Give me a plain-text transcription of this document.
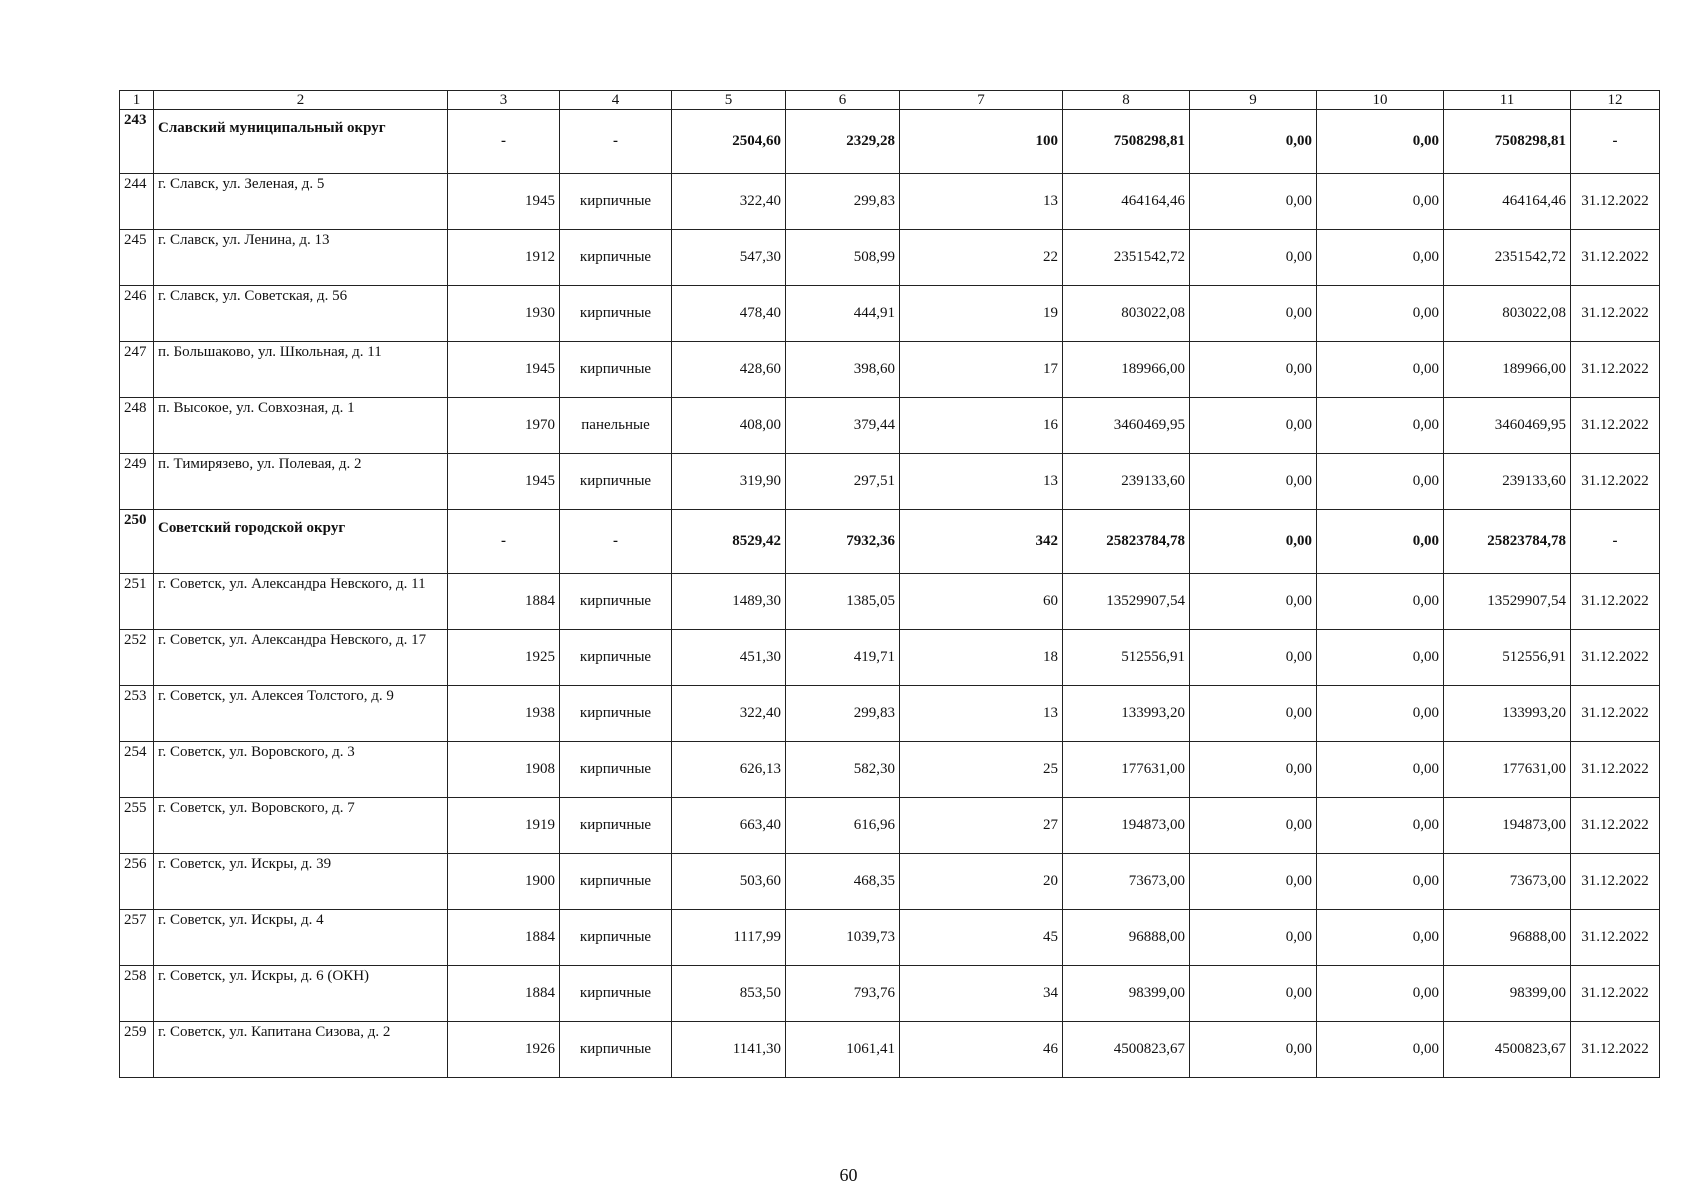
1	2	3	4	5	6	7	8	9	10	11	12
243	Славский муниципальный округ	-	-	2504,60	2329,28	100	7508298,81	0,00	0,00	7508298,81	-
244	г. Славск, ул. Зеленая, д. 5	1945	кирпичные	322,40	299,83	13	464164,46	0,00	0,00	464164,46	31.12.2022
245	г. Славск, ул. Ленина, д. 13	1912	кирпичные	547,30	508,99	22	2351542,72	0,00	0,00	2351542,72	31.12.2022
246	г. Славск, ул. Советская, д. 56	1930	кирпичные	478,40	444,91	19	803022,08	0,00	0,00	803022,08	31.12.2022
247	п. Большаково, ул. Школьная, д. 11	1945	кирпичные	428,60	398,60	17	189966,00	0,00	0,00	189966,00	31.12.2022
248	п. Высокое, ул. Совхозная, д. 1	1970	панельные	408,00	379,44	16	3460469,95	0,00	0,00	3460469,95	31.12.2022
249	п. Тимирязево, ул. Полевая, д. 2	1945	кирпичные	319,90	297,51	13	239133,60	0,00	0,00	239133,60	31.12.2022
250	Советский городской округ	-	-	8529,42	7932,36	342	25823784,78	0,00	0,00	25823784,78	-
251	г. Советск, ул. Александра Невского, д. 11	1884	кирпичные	1489,30	1385,05	60	13529907,54	0,00	0,00	13529907,54	31.12.2022
252	г. Советск, ул. Александра Невского, д. 17	1925	кирпичные	451,30	419,71	18	512556,91	0,00	0,00	512556,91	31.12.2022
253	г. Советск, ул. Алексея Толстого, д. 9	1938	кирпичные	322,40	299,83	13	133993,20	0,00	0,00	133993,20	31.12.2022
254	г. Советск, ул. Воровского, д. 3	1908	кирпичные	626,13	582,30	25	177631,00	0,00	0,00	177631,00	31.12.2022
255	г. Советск, ул. Воровского, д. 7	1919	кирпичные	663,40	616,96	27	194873,00	0,00	0,00	194873,00	31.12.2022
256	г. Советск, ул. Искры, д. 39	1900	кирпичные	503,60	468,35	20	73673,00	0,00	0,00	73673,00	31.12.2022
257	г. Советск, ул. Искры, д. 4	1884	кирпичные	1117,99	1039,73	45	96888,00	0,00	0,00	96888,00	31.12.2022
258	г. Советск, ул. Искры, д. 6 (ОКН)	1884	кирпичные	853,50	793,76	34	98399,00	0,00	0,00	98399,00	31.12.2022
259	г. Советск, ул. Капитана Сизова, д. 2	1926	кирпичные	1141,30	1061,41	46	4500823,67	0,00	0,00	4500823,67	31.12.2022
60
